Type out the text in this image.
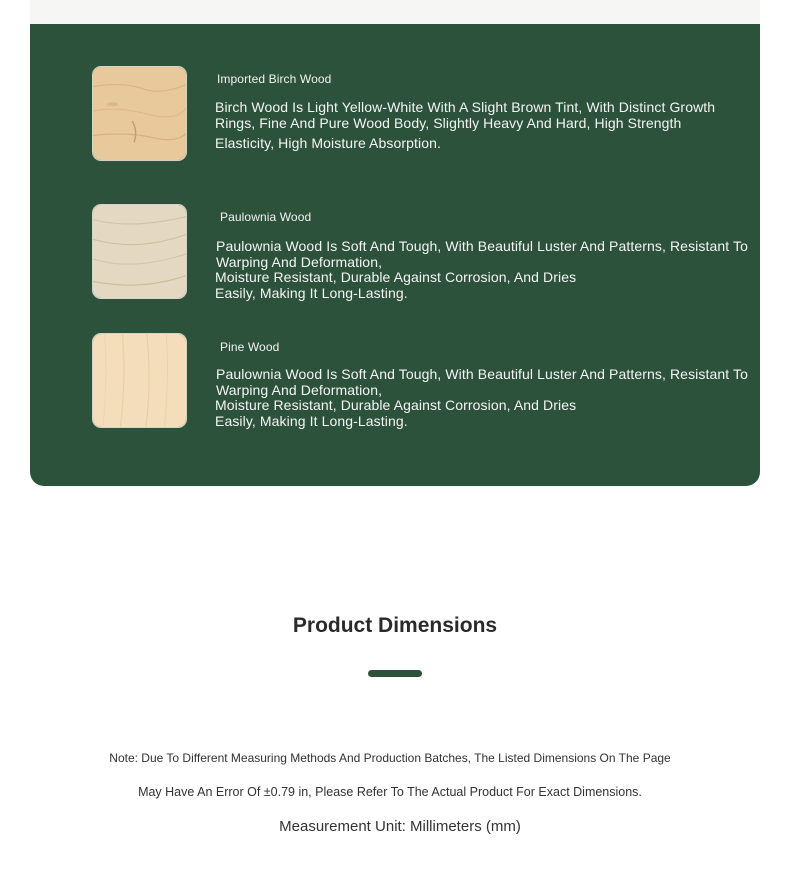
Imported Birch Wood
Birch Wood Is Light Yellow-White With A Slight Brown Tint, With Distinct Growth
Rings, Fine And Pure Wood Body, Slightly Heavy And Hard, High Strength
Elasticity, High Moisture Absorption.
Paulownia Wood
Paulownia Wood Is Soft And Tough, With Beautiful Luster And Patterns, Resistant To
Warping And Deformation,
Moisture Resistant, Durable Against Corrosion, And Dries
Easily, Making It Long-Lasting.
Pine Wood
Paulownia Wood Is Soft And Tough, With Beautiful Luster And Patterns, Resistant To
Warping And Deformation,
Moisture Resistant, Durable Against Corrosion, And Dries
Easily, Making It Long-Lasting.
Product Dimensions
Note: Due To Different Measuring Methods And Production Batches, The Listed Dimensions On The Page
May Have An Error Of ±0.79 in, Please Refer To The Actual Product For Exact Dimensions.
Measurement Unit: Millimeters (mm)
